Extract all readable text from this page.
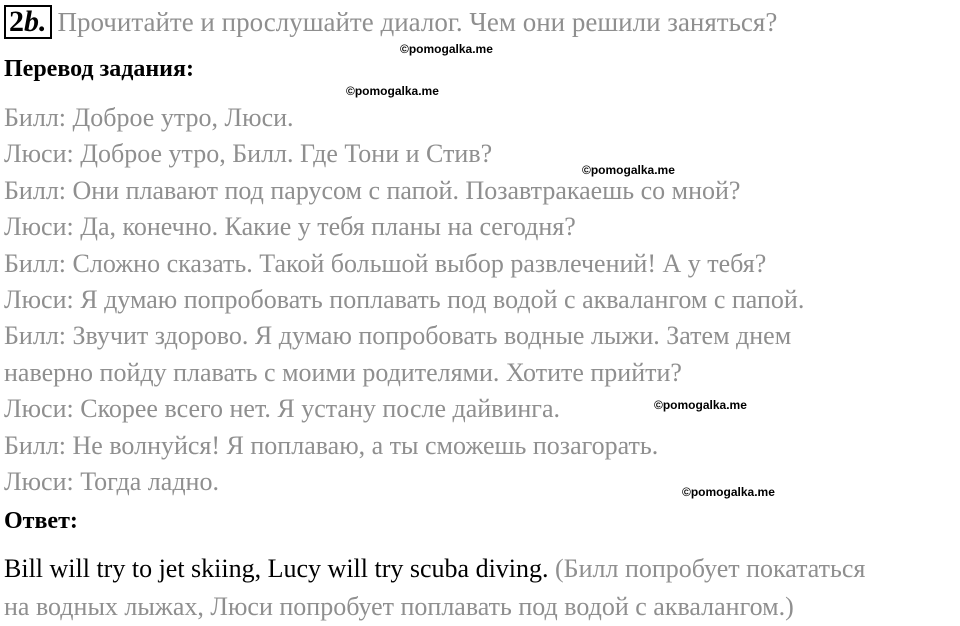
2b. Прочитайте и прослушайте диалог. Чем они решили заняться?
Перевод задания:
Билл: Доброе утро, Люси.
Люси: Доброе утро, Билл. Где Тони и Стив?
Билл: Они плавают под парусом с папой. Позавтракаешь со мной?
Люси: Да, конечно. Какие у тебя планы на сегодня?
Билл: Сложно сказать. Такой большой выбор развлечений! А у тебя?
Люси: Я думаю попробовать поплавать под водой с аквалангом с папой.
Билл: Звучит здорово. Я думаю попробовать водные лыжи. Затем днем
наверно пойду плавать с моими родителями. Хотите прийти?
Люси: Скорее всего нет. Я устану после дайвинга.
Билл: Не волнуйся! Я поплаваю, а ты сможешь позагорать.
Люси: Тогда ладно.
Ответ:
Bill will try to jet skiing, Lucy will try scuba diving. (Билл попробует покататься
на водных лыжах, Люси попробует поплавать под водой с аквалангом.)
©pomogalka.me
©pomogalka.me
©pomogalka.me
©pomogalka.me
©pomogalka.me
